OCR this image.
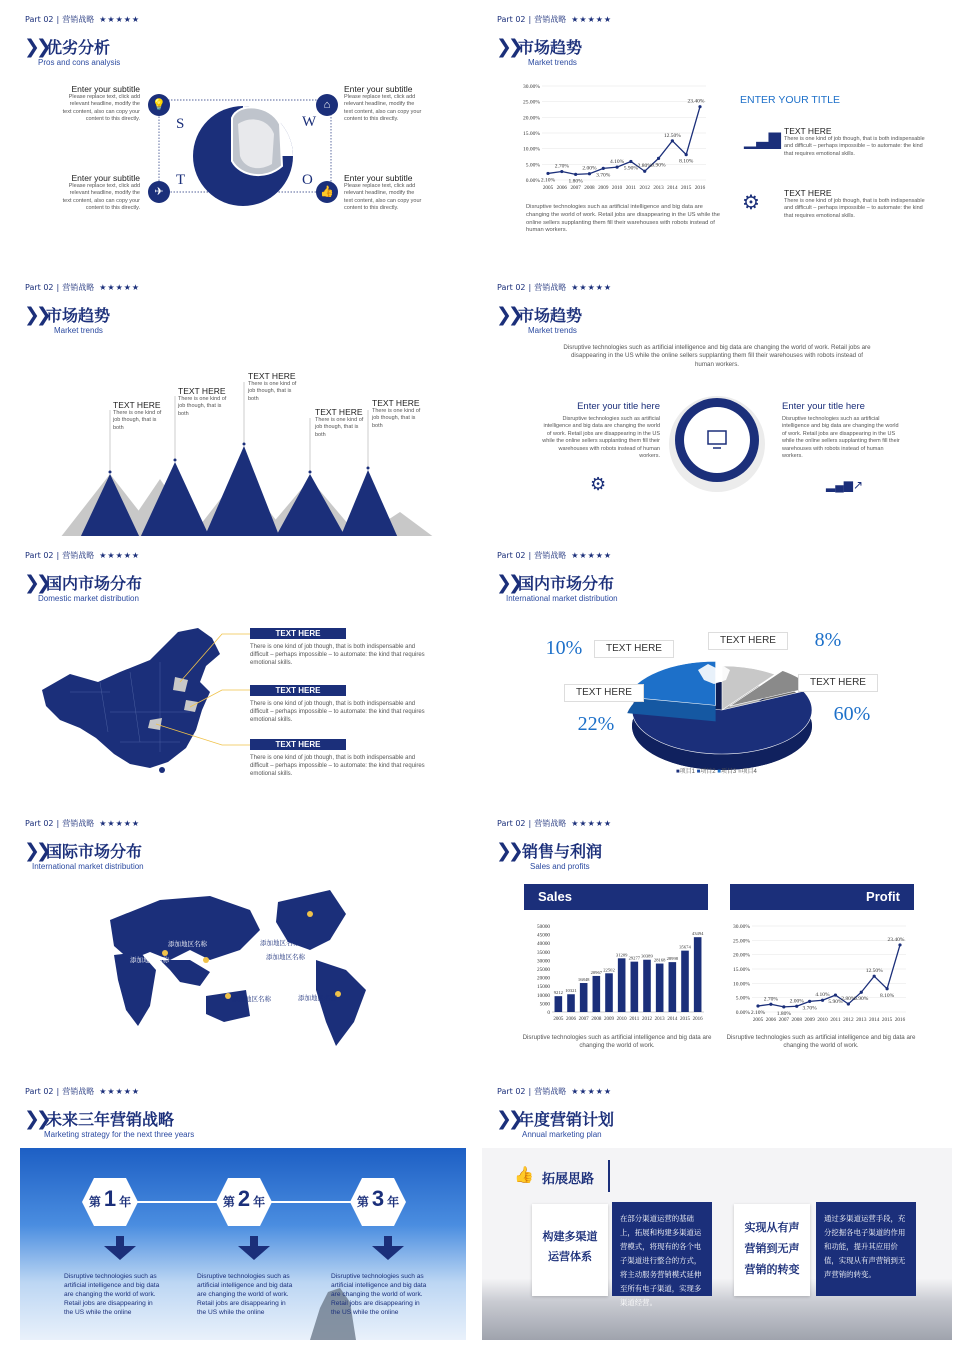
Part 02 | 营销战略 ★★★★★
❯❯
优劣分析
Pros and cons analysis
S	W
T	O
💡	⌂
✈	👍
Enter your subtitle
Please replace text, click add relevant headline, modify the text content, also can copy your content to this directly.
Enter your subtitle
Please replace text, click add relevant headline, modify the text content, also can copy your content to this directly.
Enter your subtitle
Please replace text, click add relevant headline, modify the text content, also can copy your content to this directly.
Enter your subtitle
Please replace text, click add relevant headline, modify the text content, also can copy your content to this directly.
Part 02 | 营销战略 ★★★★★
❯❯
市场趋势
Market trends
0.00%
5.00%
10.00%
15.00%
20.00%
25.00%
30.00%
2005 2006 2007 2008 2009 2010 2011 2012 2013 2014 2015 2016
2.10%
2.70%
1.80%
2.00%
3.70%
4.10%
5.90% 2.80% 6.90%
12.50%
8.10%
23.40%
Disruptive technologies such as artificial intelligence and big data are changing the world of work. Retail jobs are disappearing in the US while the online sellers supplanting them fill their warehouses with robots instead of human workers.
ENTER YOUR TITLE
▁▃▇
TEXT HERE
There is one kind of job though, that is both indispensable and difficult – perhaps impossible – to automate: the kind that requires emotional skills.
⚙	TEXT HERE
There is one kind of job though, that is both indispensable and difficult – perhaps impossible – to automate: the kind that requires emotional skills.
Part 02 | 营销战略 ★★★★★
❯❯
市场趋势
Market trends
TEXT HERE
There is one kind of job though, that is both
TEXT HERE
There is one kind of job though, that is both
TEXT HERE
There is one kind of job though, that is both
TEXT HERE
There is one kind of job though, that is both
TEXT HERE
There is one kind of job though, that is both
Part 02 | 营销战略 ★★★★★
❯❯
市场趋势
Market trends
Disruptive technologies such as artificial intelligence and big data are changing the world of work. Retail jobs are disappearing in the US while the online sellers supplanting them fill their warehouses with robots instead of human workers.
Enter your title here
Disruptive technologies such as artificial intelligence and big data are changing the world of work. Retail jobs are disappearing in the US while the online sellers supplanting them fill their warehouses with robots instead of human workers.
Enter your title here
Disruptive technologies such as artificial intelligence and big data are changing the world of work. Retail jobs are disappearing in the US while the online sellers supplanting them fill their warehouses with robots instead of human workers.
⚙	▂▄▆↗
Part 02 | 营销战略 ★★★★★
❯❯
国内市场分布
Domestic market distribution
TEXT HERE
There is one kind of job though, that is both indispensable and difficult – perhaps impossible – to automate: the kind that requires emotional skills.
TEXT HERE
There is one kind of job though, that is both indispensable and difficult – perhaps impossible – to automate: the kind that requires emotional skills.
TEXT HERE
There is one kind of job though, that is both indispensable and difficult – perhaps impossible – to automate: the kind that requires emotional skills.
Part 02 | 营销战略 ★★★★★
❯❯
国内市场分布
International market distribution
10%	8%
60%
22%
TEXT HERE
TEXT HERE
TEXT HERE
TEXT HERE
■项目1 ■项目2 ■项目3 ■项目4
Part 02 | 营销战略 ★★★★★
❯❯
国际市场分布
International market distribution
添加地区名称
添加地区名称
添加地区名称
添加地区名称
添加地区名称	添加地区名称
Part 02 | 营销战略 ★★★★★
❯❯ 销售与利润
Sales and profits
Sales	Profit
0
5000
10000
15000
20000
25000
30000
35000
40000
45000
50000
9212
2005
10321
2006
16848
2007
20967
2008
22502
2009
31209
2010
29277
2011
30389
2012
28168
2013
28998
2014
35674
2015
43494
2016
0.00%
5.00%
10.00%
15.00%
20.00%
25.00%
30.00%
2005 2006 2007 2008 2009 2010 2011 2012 2013 2014 2015 2016
2.10%
2.70%
1.80%
2.00%
3.70%
4.10%
5.90%
2.80%
6.90%
12.50%
8.10%
23.40%
Disruptive technologies such as artificial intelligence and big data are changing the world of work.
Disruptive technologies such as artificial intelligence and big data are changing the world of work.
Part 02 | 营销战略 ★★★★★
❯❯
未来三年营销战略
Marketing strategy for the next three years
第 1 年	第 2 年	第 3 年
Disruptive technologies such as artificial intelligence and big data are changing the world of work. Retail jobs are disappearing in the US while the online
Disruptive technologies such as artificial intelligence and big data are changing the world of work. Retail jobs are disappearing in the US while the online
Disruptive technologies such as artificial intelligence and big data are changing the world of work. Retail jobs are disappearing in the US while the online
Part 02 | 营销战略 ★★★★★
❯❯
年度营销计划
Annual marketing plan
👍 拓展思路
构建多渠道运营体系
在部分渠道运营的基础上，拓展和构建多渠道运营模式，将现有的各个电子渠道进行整合的方式，将主动服务营销模式延伸至所有电子渠道，实现多渠道经营。
实现从有声营销到无声营销的转变
通过多渠道运营手段，充分挖掘各电子渠道的作用和功能，提升其应用价值，实现从有声营销到无声营销的转变。
